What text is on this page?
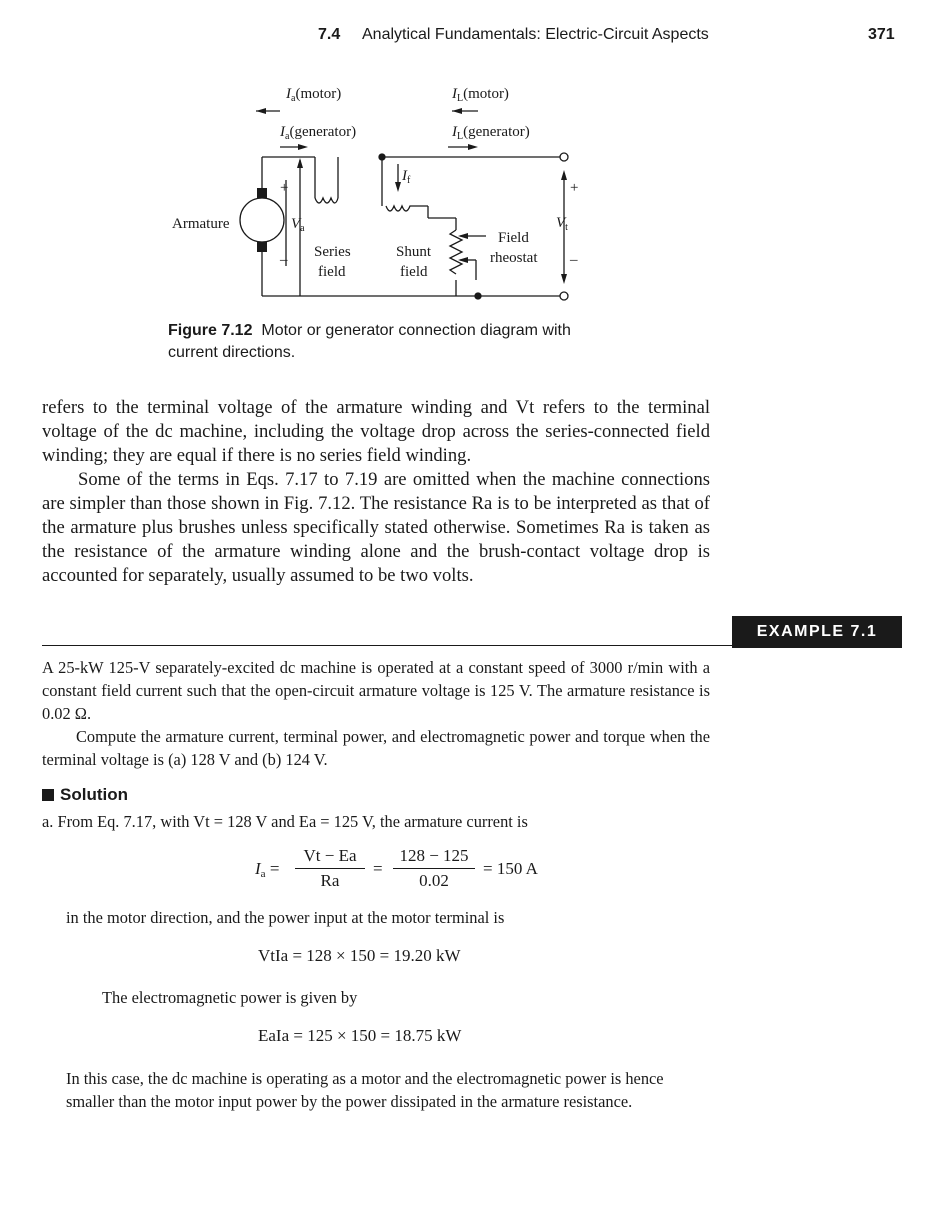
7.4 Analytical Fundamentals: Electric-Circuit Aspects	371
$I_a(motor)$	$I_L(motor)$
$I_a(generator)$	$I_L(generator)$
$I_f$
Armature	$V_a$
+
– Series
field
Shunt
field
Field
rheostat
$V_t$
+
–
Figure 7.12 Motor or generator connection diagram with current directions.

refers to the terminal voltage of the armature winding and Vt refers to the terminal voltage of the dc machine, including the voltage drop across the series-connected field winding; they are equal if there is no series field winding.

Some of the terms in Eqs. 7.17 to 7.19 are omitted when the machine connections are simpler than those shown in Fig. 7.12. The resistance Ra is to be interpreted as that of the armature plus brushes unless specifically stated otherwise. Sometimes Ra is taken as the resistance of the armature winding alone and the brush-contact voltage drop is accounted for separately, usually assumed to be two volts.

EXAMPLE 7.1

A 25-kW 125-V separately-excited dc machine is operated at a constant speed of 3000 r/min with a constant field current such that the open-circuit armature voltage is 125 V. The armature resistance is 0.02 Ω.

Compute the armature current, terminal power, and electromagnetic power and torque when the terminal voltage is (a) 128 V and (b) 124 V.

Solution
a. From Eq. 7.17, with Vt = 128 V and Ea = 125 V, the armature current is
$I_a$ =
Vt − Ea
Ra
=
128 − 125
0.02
= 150 A
in the motor direction, and the power input at the motor terminal is
VtIa = 128 × 150 = 19.20 kW
The electromagnetic power is given by
EaIa = 125 × 150 = 18.75 kW
In this case, the dc machine is operating as a motor and the electromagnetic power is hence smaller than the motor input power by the power dissipated in the armature resistance.
